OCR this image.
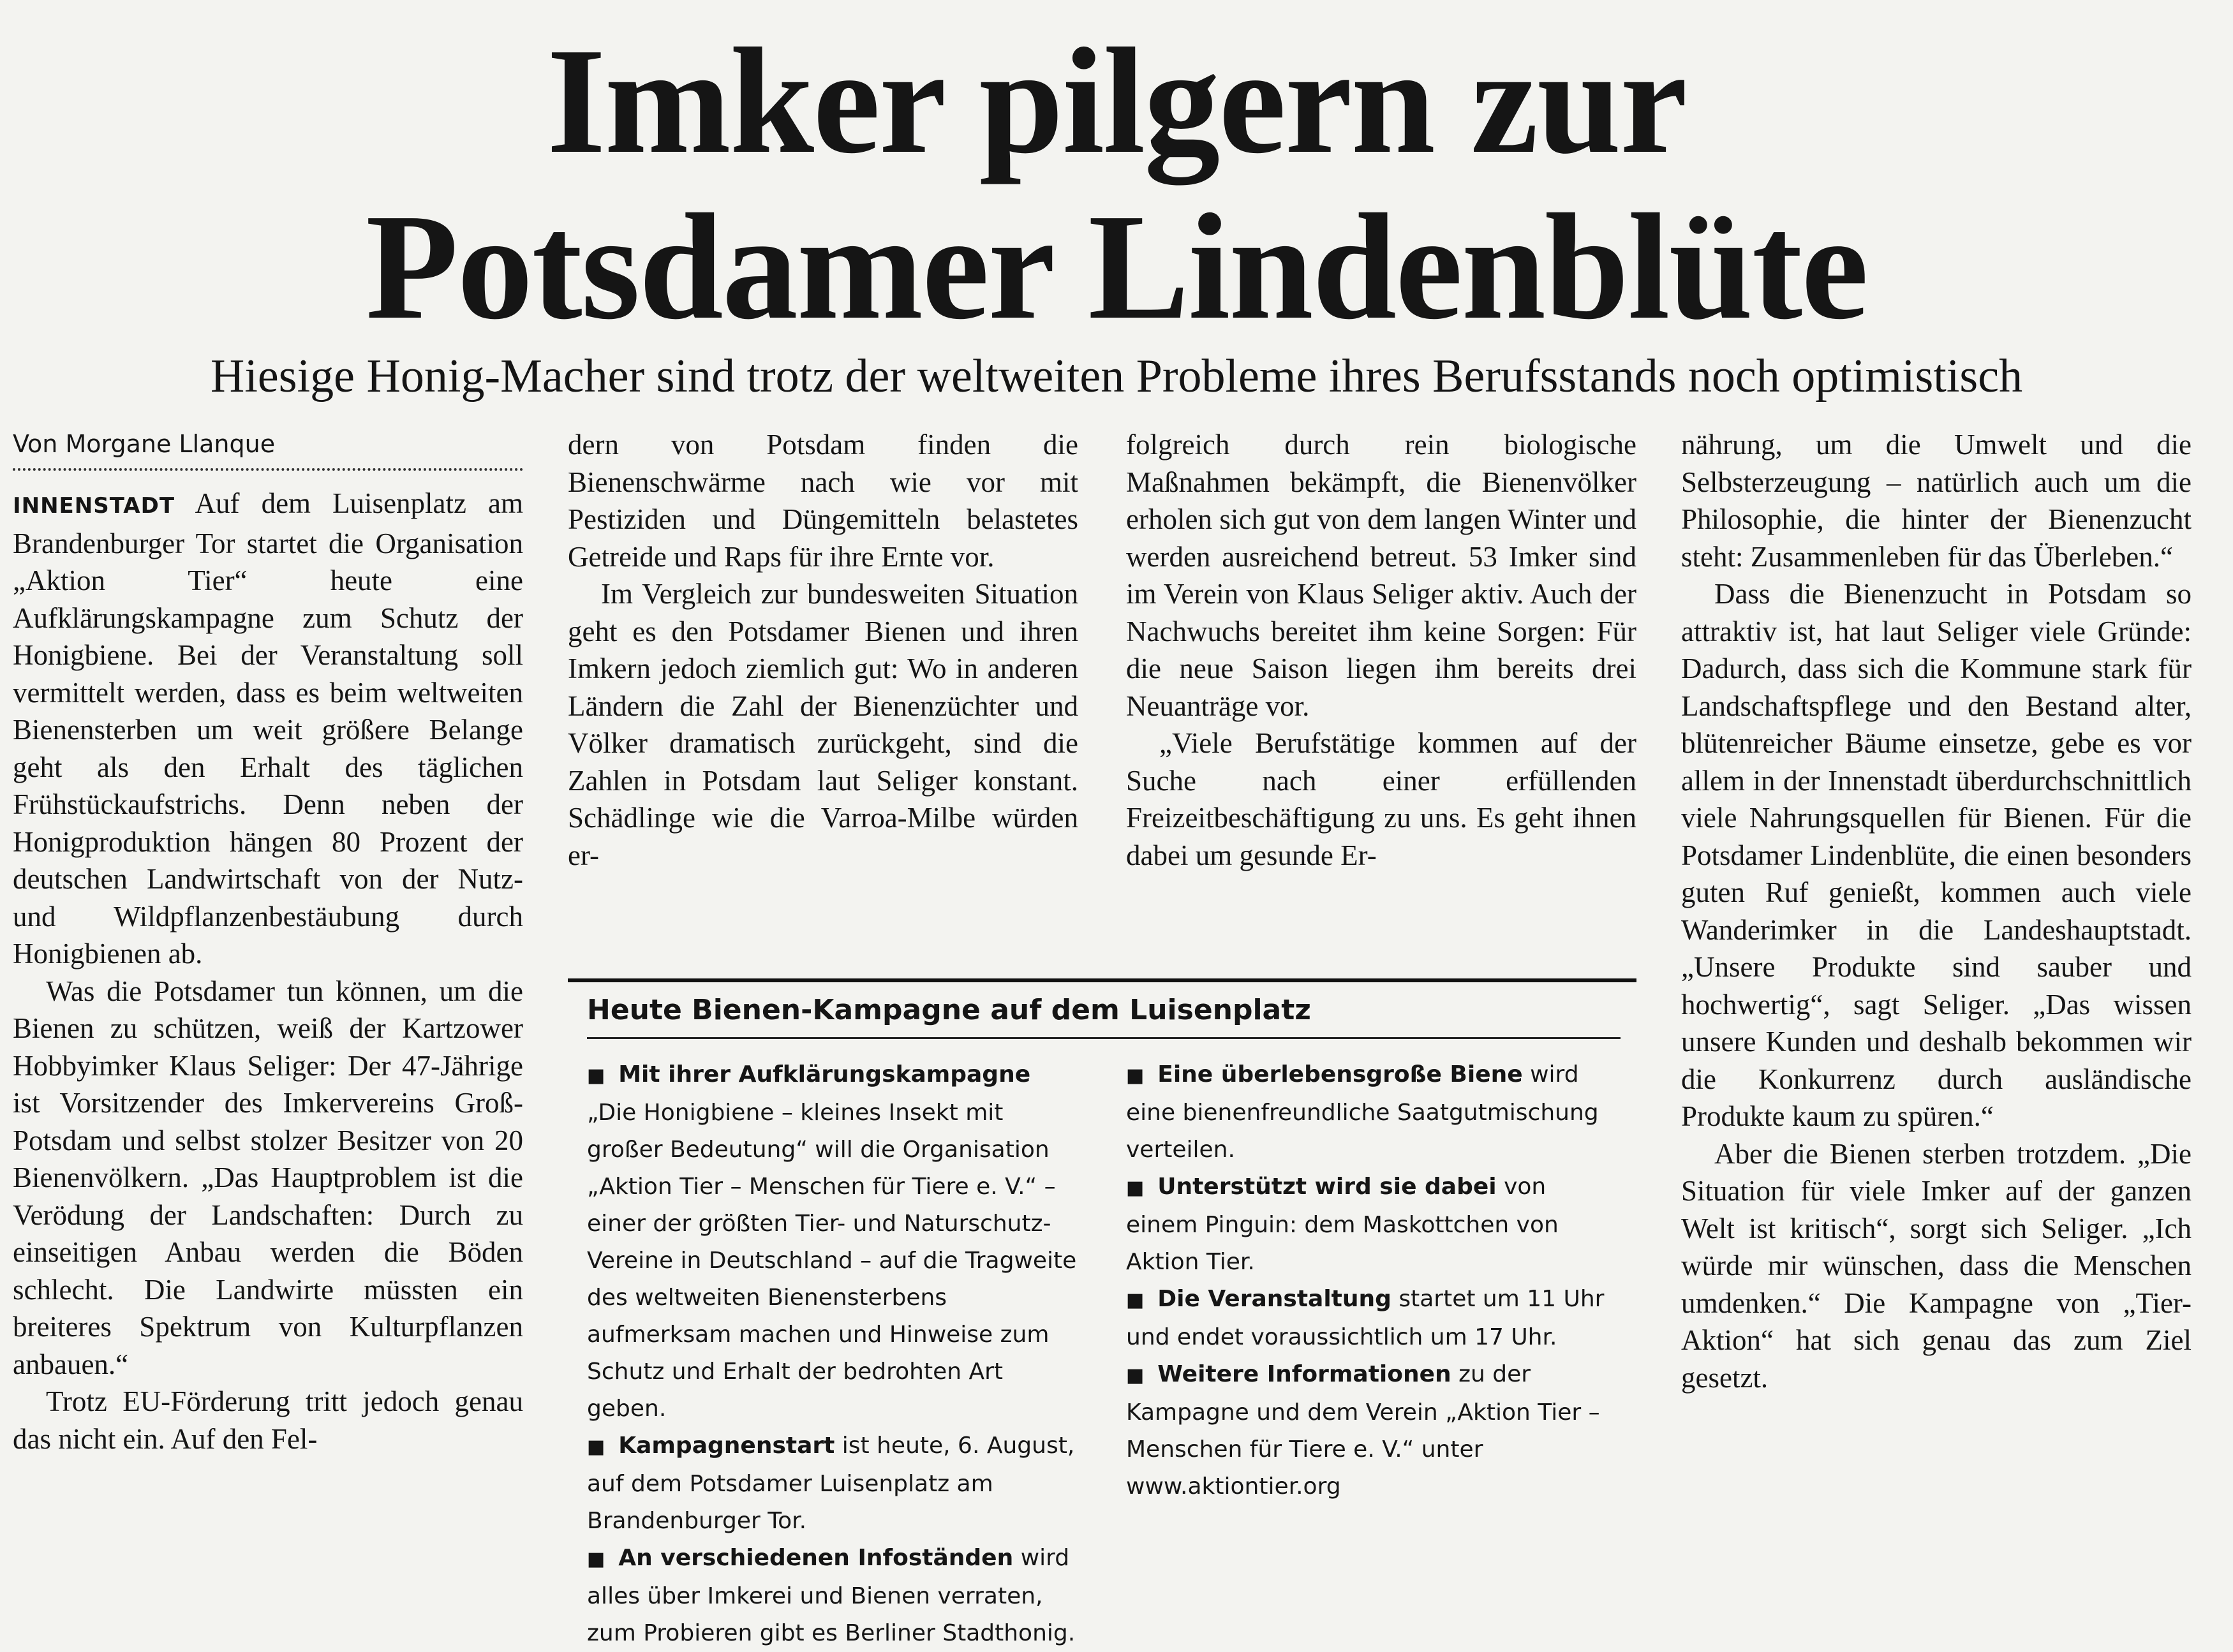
Imker pilgern zur
Potsdamer Lindenblüte
Hiesige Honig-Macher sind trotz der weltweiten Probleme ihres Berufsstands noch optimistisch
Von Morgane Llanque

INNENSTADT Auf dem Luisenplatz am Brandenburger Tor startet die Organisation „Aktion Tier“ heute eine Aufklärungskampagne zum Schutz der Honigbiene. Bei der Veranstaltung soll vermittelt werden, dass es beim weltweiten Bienensterben um weit größere Belange geht als den Erhalt des täglichen Frühstückaufstrichs. Denn neben der Honigproduktion hängen 80 Prozent der deutschen Landwirtschaft von der Nutz- und Wildpflanzenbestäubung durch Honigbienen ab.

Was die Potsdamer tun können, um die Bienen zu schützen, weiß der Kartzower Hobbyimker Klaus Seliger: Der 47-Jährige ist Vorsitzender des Imkervereins Groß-Potsdam und selbst stolzer Besitzer von 20 Bienenvölkern. „Das Hauptproblem ist die Verödung der Landschaften: Durch zu einseitigen Anbau werden die Böden schlecht. Die Landwirte müssten ein breiteres Spektrum von Kulturpflanzen anbauen.“

Trotz EU-Förderung tritt jedoch genau das nicht ein. Auf den Fel-

dern von Potsdam finden die Bienenschwärme nach wie vor mit Pestiziden und Düngemitteln belastetes Getreide und Raps für ihre Ernte vor.

Im Vergleich zur bundesweiten Situation geht es den Potsdamer Bienen und ihren Imkern jedoch ziemlich gut: Wo in anderen Ländern die Zahl der Bienenzüchter und Völker dramatisch zurückgeht, sind die Zahlen in Potsdam laut Seliger konstant. Schädlinge wie die Varroa-Milbe würden er-

folgreich durch rein biologische Maßnahmen bekämpft, die Bienenvölker erholen sich gut von dem langen Winter und werden ausreichend betreut. 53 Imker sind im Verein von Klaus Seliger aktiv. Auch der Nachwuchs bereitet ihm keine Sorgen: Für die neue Saison liegen ihm bereits drei Neuanträge vor.

„Viele Berufstätige kommen auf der Suche nach einer erfüllenden Freizeitbeschäftigung zu uns. Es geht ihnen dabei um gesunde Er-

nährung, um die Umwelt und die Selbsterzeugung – natürlich auch um die Philosophie, die hinter der Bienenzucht steht: Zusammenleben für das Überleben.“

Dass die Bienenzucht in Potsdam so attraktiv ist, hat laut Seliger viele Gründe: Dadurch, dass sich die Kommune stark für Landschaftspflege und den Bestand alter, blütenreicher Bäume einsetze, gebe es vor allem in der Innenstadt überdurchschnittlich viele Nahrungsquellen für Bienen. Für die Potsdamer Lindenblüte, die einen besonders guten Ruf genießt, kommen auch viele Wanderimker in die Landeshauptstadt. „Unsere Produkte sind sauber und hochwertig“, sagt Seliger. „Das wissen unsere Kunden und deshalb bekommen wir die Konkurrenz durch ausländische Produkte kaum zu spüren.“

Aber die Bienen sterben trotzdem. „Die Situation für viele Imker auf der ganzen Welt ist kritisch“, sorgt sich Seliger. „Ich würde mir wünschen, dass die Menschen umdenken.“ Die Kampagne von „Tier-Aktion“ hat sich genau das zum Ziel gesetzt.

Heute Bienen-Kampagne auf dem Luisenplatz

■  Mit ihrer Aufklärungskampagne „Die Honigbiene – kleines Insekt mit großer Bedeutung“ will die Organisation „Aktion Tier – Menschen für Tiere e. V.“ – einer der größten Tier- und Naturschutz-Vereine in Deutschland – auf die Tragweite des weltweiten Bienensterbens aufmerksam machen und Hinweise zum Schutz und Erhalt der bedrohten Art geben.

■  Kampagnenstart ist heute, 6. August, auf dem Potsdamer Luisenplatz am Brandenburger Tor.

■  An verschiedenen Infoständen wird alles über Imkerei und Bienen verraten, zum Probieren gibt es Berliner Stadthonig.

■  Eine überlebensgroße Biene wird eine bienenfreundliche Saatgutmischung verteilen.

■  Unterstützt wird sie dabei von einem Pinguin: dem Maskottchen von Aktion Tier.

■  Die Veranstaltung startet um 11 Uhr und endet voraussichtlich um 17 Uhr.

■  Weitere Informationen zu der Kampagne und dem Verein „Aktion Tier – Menschen für Tiere e. V.“ unter www.aktiontier.org
